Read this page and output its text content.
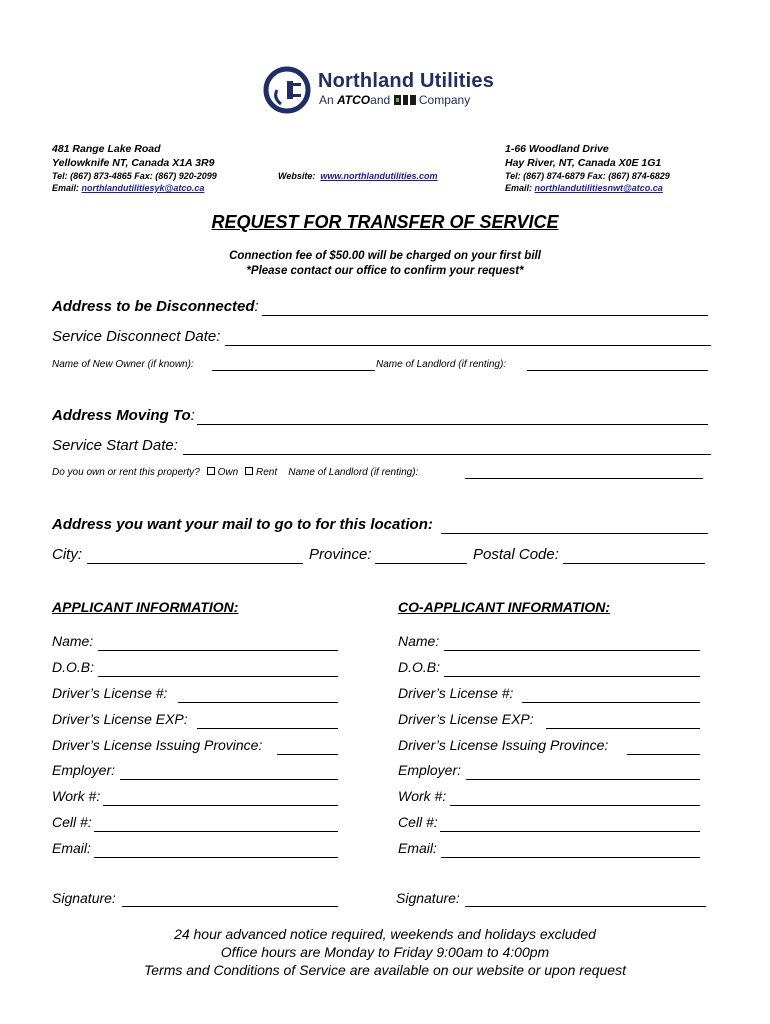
Northland Utilities
An ATCOand Company
481 Range Lake Road
Yellowknife NT, Canada X1A 3R9
Tel: (867) 873-4865 Fax: (867) 920-2099
Email: northlandutilitiesyk@atco.ca
Website: www.northlandutilities.com
1-66 Woodland Drive
Hay River, NT, Canada X0E 1G1
Tel: (867) 874-6879 Fax: (867) 874-6829
Email: northlandutilitiesnwt@atco.ca
REQUEST FOR TRANSFER OF SERVICE
Connection fee of $50.00 will be charged on your first bill
*Please contact our office to confirm your request*
Address to be Disconnected:
Service Disconnect Date:
Name of New Owner (if known):	Name of Landlord (if renting):
Address Moving To:
Service Start Date:
Do you own or rent this property? Own Rent Name of Landlord (if renting):
Address you want your mail to go to for this location:
City:	Province:	Postal Code:
APPLICANT INFORMATION:	CO-APPLICANT INFORMATION:
Name:
D.O.B:
Driver’s License #:
Driver’s License EXP:
Driver’s License Issuing Province:
Employer:
Work #:
Cell #:
Email:
Name:
D.O.B:
Driver’s License #:
Driver’s License EXP:
Driver’s License Issuing Province:
Employer:
Work #:
Cell #:
Email:
Signature:	Signature:
24 hour advanced notice required, weekends and holidays excluded
Office hours are Monday to Friday 9:00am to 4:00pm
Terms and Conditions of Service are available on our website or upon request
